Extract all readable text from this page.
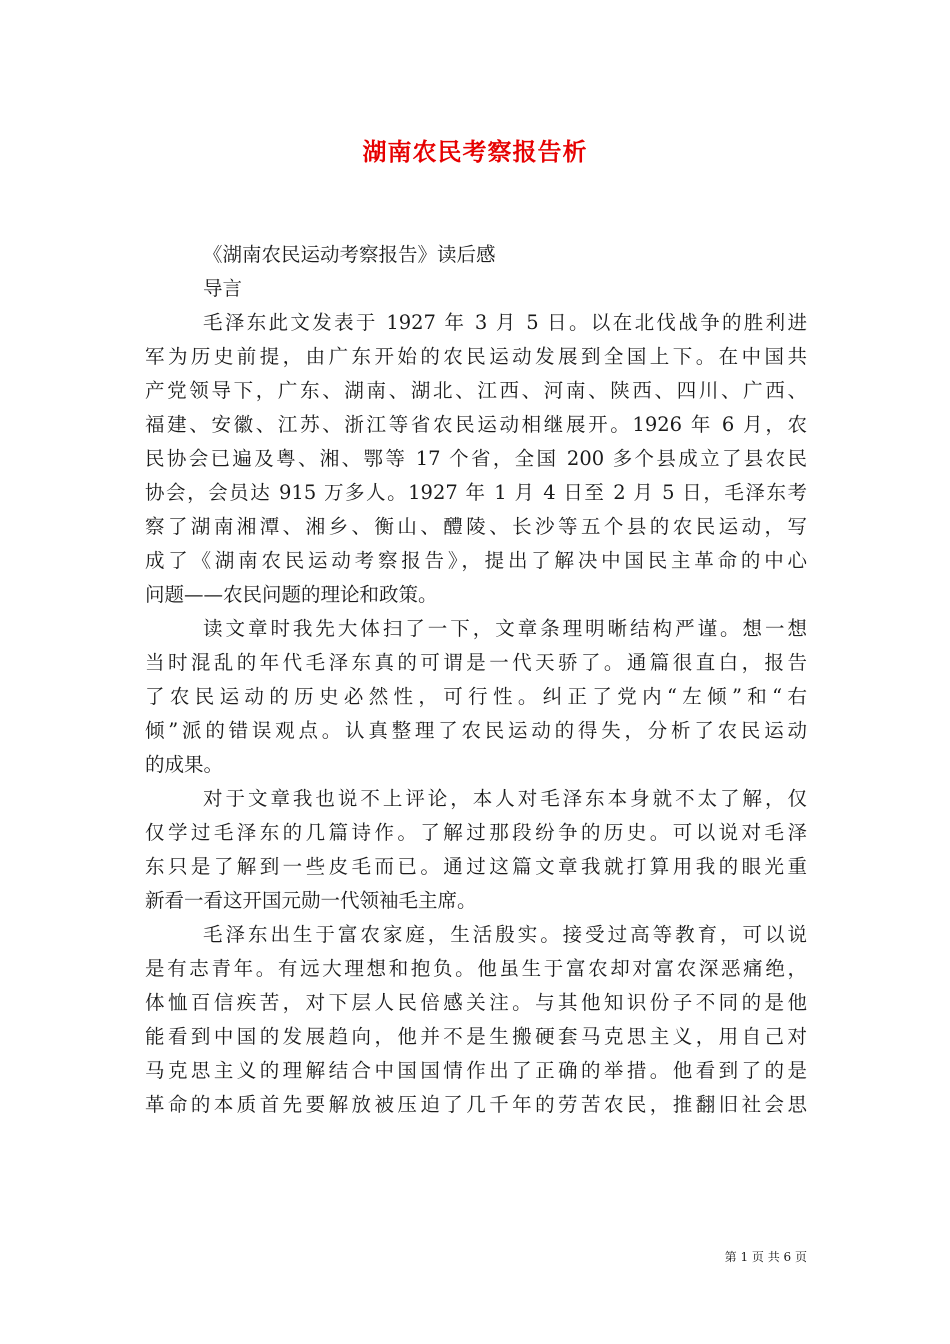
湖南农民考察报告析
《湖南农民运动考察报告》读后感
导言
毛泽东此文发表于 1927 年 3 月 5 日。以在北伐战争的胜利进
军为历史前提，由广东开始的农民运动发展到全国上下。在中国共
产党领导下，广东、湖南、湖北、江西、河南、陕西、四川、广西、
福建、安徽、江苏、浙江等省农民运动相继展开。1926 年 6 月，农
民协会已遍及粤、湘、鄂等 17 个省，全国 200 多个县成立了县农民
协会，会员达 915 万多人。1927 年 1 月 4 日至 2 月 5 日，毛泽东考
察了湖南湘潭、湘乡、衡山、醴陵、长沙等五个县的农民运动，写
成了《湖南农民运动考察报告》，提出了解决中国民主革命的中心
问题——农民问题的理论和政策。
读文章时我先大体扫了一下，文章条理明晰结构严谨。想一想
当时混乱的年代毛泽东真的可谓是一代天骄了。通篇很直白，报告
了农民运动的历史必然性，可行性。纠正了党内“左倾”和“右
倾”派的错误观点。认真整理了农民运动的得失，分析了农民运动
的成果。
对于文章我也说不上评论，本人对毛泽东本身就不太了解，仅
仅学过毛泽东的几篇诗作。了解过那段纷争的历史。可以说对毛泽
东只是了解到一些皮毛而已。通过这篇文章我就打算用我的眼光重
新看一看这开国元勋一代领袖毛主席。
毛泽东出生于富农家庭，生活殷实。接受过高等教育，可以说
是有志青年。有远大理想和抱负。他虽生于富农却对富农深恶痛绝，
体恤百信疾苦，对下层人民倍感关注。与其他知识份子不同的是他
能看到中国的发展趋向，他并不是生搬硬套马克思主义，用自己对
马克思主义的理解结合中国国情作出了正确的举措。他看到了的是
革命的本质首先要解放被压迫了几千年的劳苦农民，推翻旧社会思
第 1 页 共 6 页
